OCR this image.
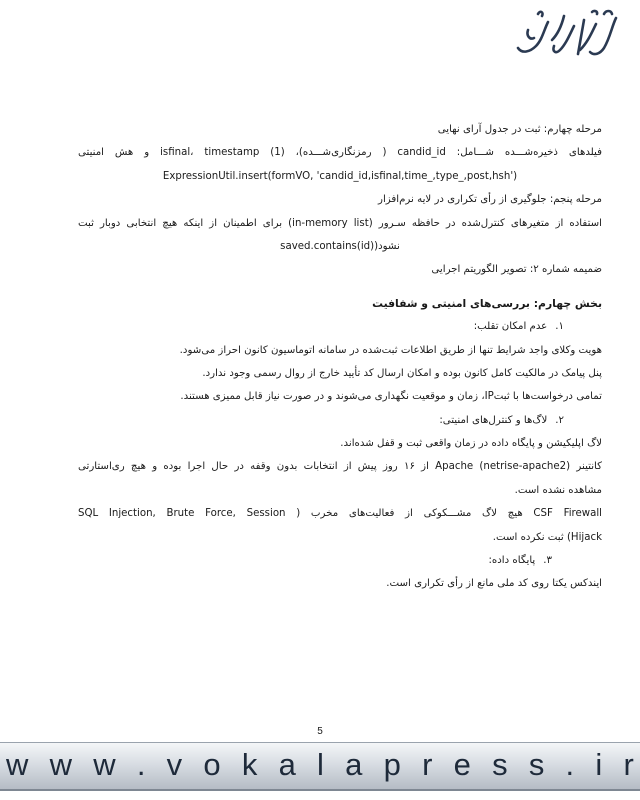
مرحله چهارم: ثبت در جدول آرای نهایی
فیلدهای ذخیره‌شـــده شـــامل: candid_id ( رمزنگاری‌شـــده)، (1) isfinal، timestamp و هش امنیتی
ExpressionUtil.insert(formVO, 'candid_id,isfinal,time_,type_,post,hsh')
مرحله پنجم: جلوگیری از رأی تکراری در لایه نرم‌افزار
استفاده از متغیرهای کنترل‌شده در حافظه سـرور (in-memory list) برای اطمینان از اینکه هیچ انتخابی دوبار ثبت
نشود((saved.contains(id
ضمیمه شماره ۲: تصویر الگوریتم اجرایی
بخش چهارم: بررسی‌های امنیتی و شفافیت
۱.عدم امکان تقلب:
هویت وکلای واجد شرایط تنها از طریق اطلاعات ثبت‌شده در سامانه اتوماسیون کانون احراز می‌شود.
پنل پیامک در مالکیت کامل کانون بوده و امکان ارسال کد تأیید خارج از روال رسمی وجود ندارد.
تمامی درخواست‌ها با ثبتIP، زمان و موقعیت نگهداری می‌شوند و در صورت نیاز قابل ممیزی هستند.
۲.لاگ‌ها و کنترل‌های امنیتی:
لاگ اپلیکیشن و پایگاه داده در زمان واقعی ثبت و قفل شده‌اند.
کانتینر Apache (netrise-apache2) از ۱۶ روز پیش از انتخابات بدون وقفه در حال اجرا بوده و هیچ ری‌استارتی
مشاهده نشده است.
CSF Firewall هیچ لاگ مشـــکوکی از فعالیت‌های مخرب ( SQL Injection, Brute Force, Session
Hijack) ثبت نکرده است.
۳.پایگاه داده:
ایندکس یکتا روی کد ملی مانع از رأی تکراری است.
5
w w w . v o k a l a p r e s s . i r
